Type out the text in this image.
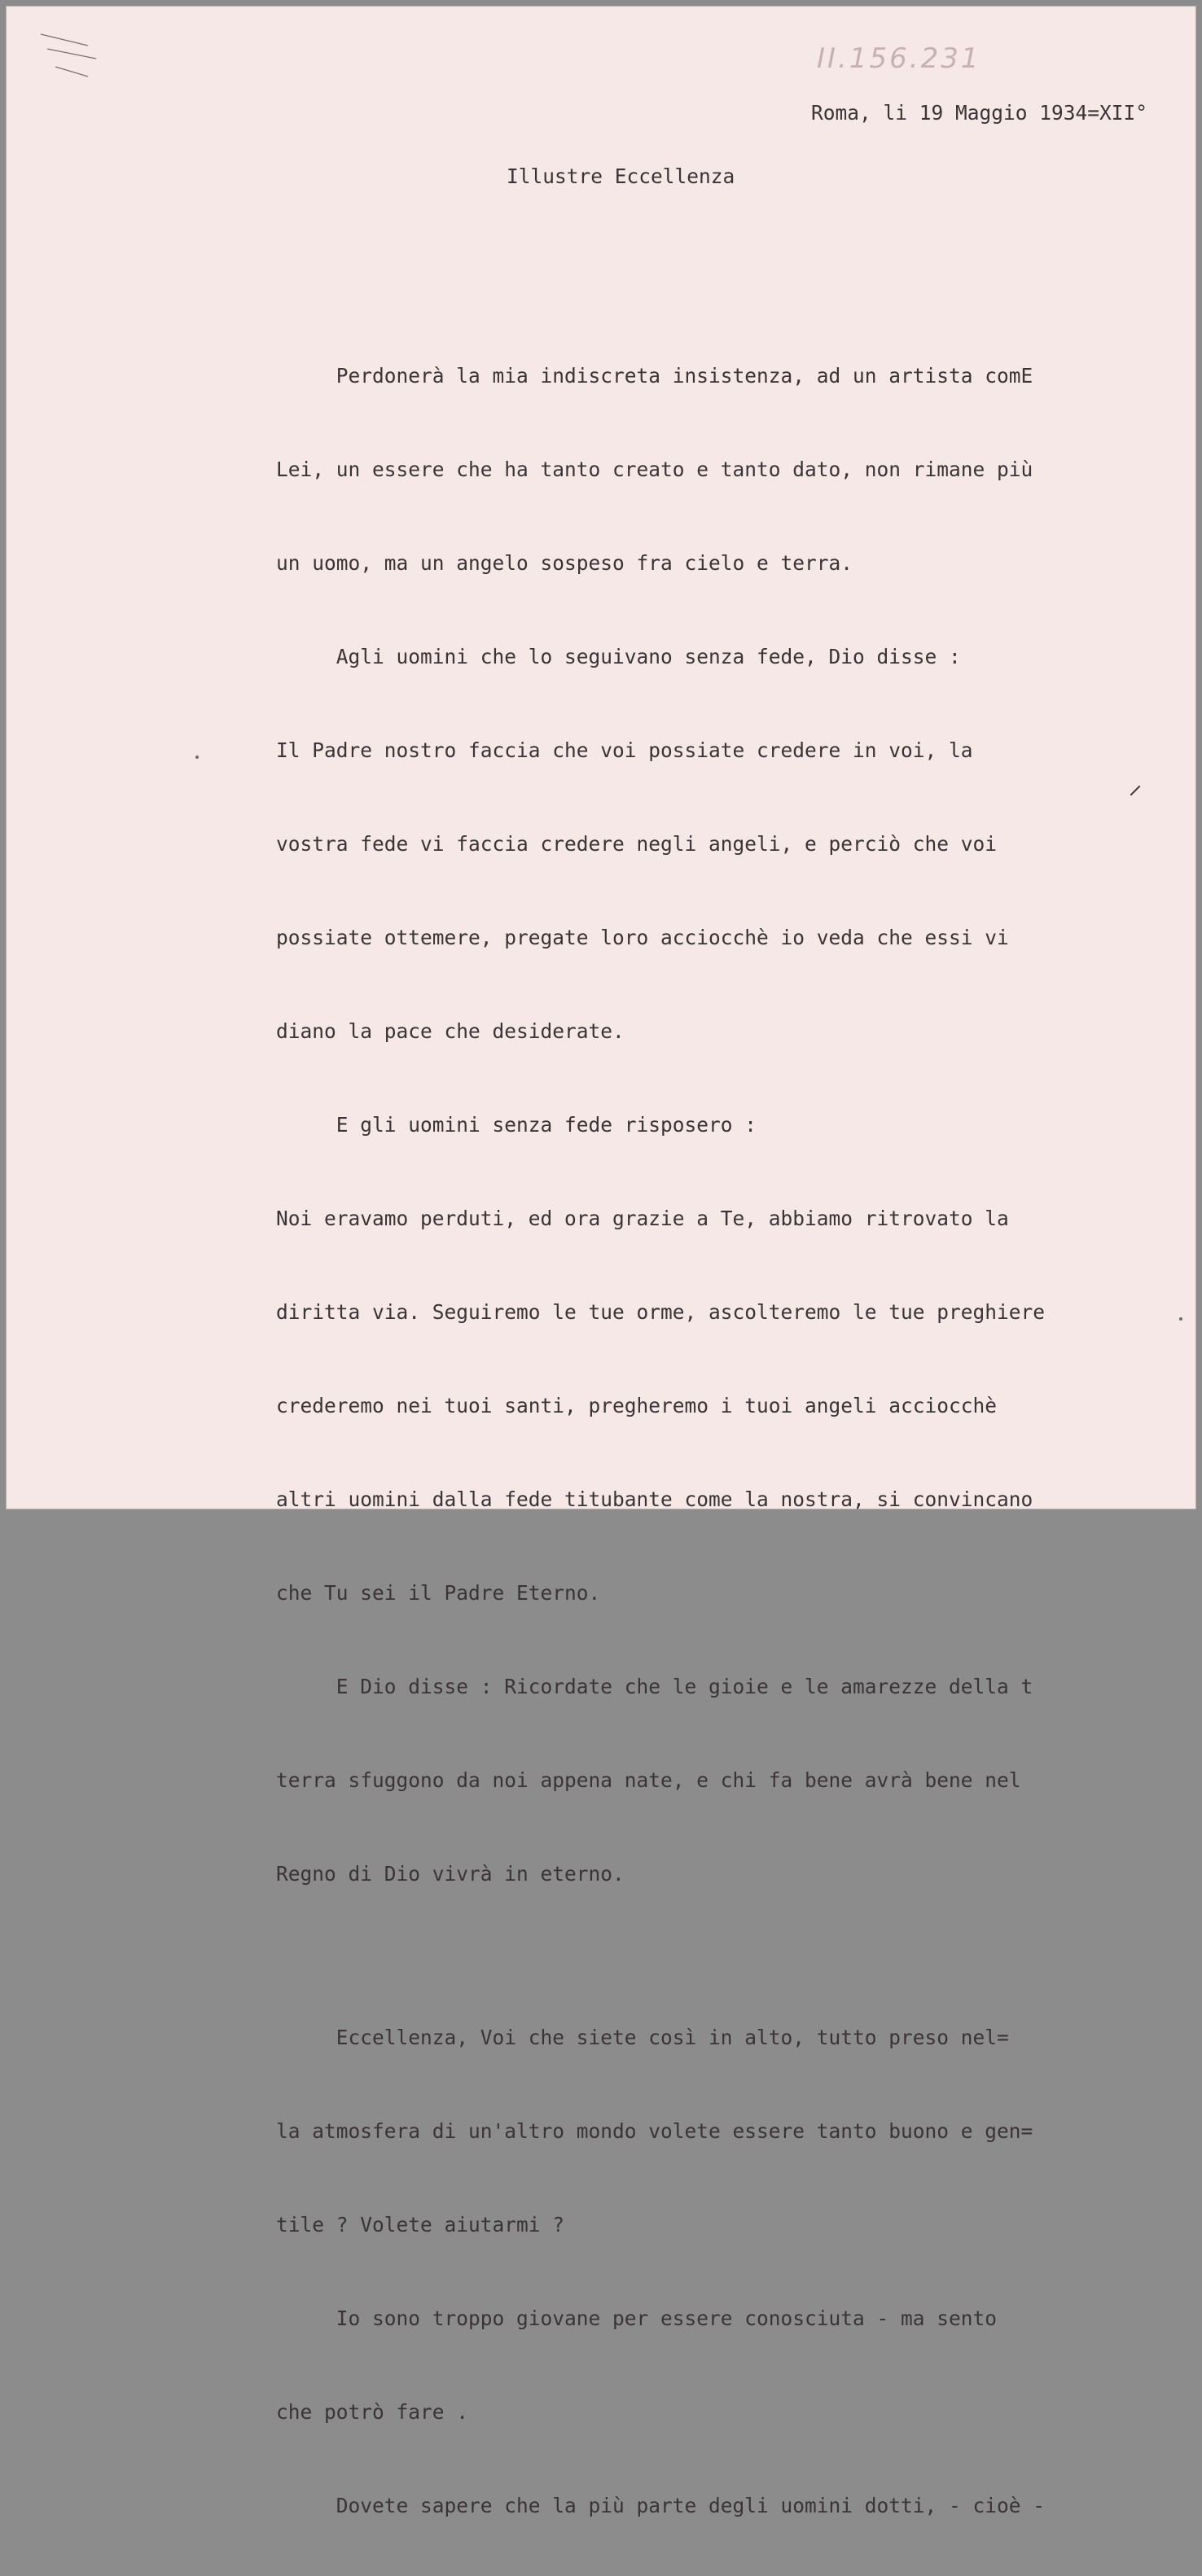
II.156.231
Roma, li 19 Maggio 1934=XII°
Illustre Eccellenza

Perdonerà la mia indiscreta insistenza, ad un artista comE

Lei, un essere che ha tanto creato e tanto dato, non rimane più

un uomo, ma un angelo sospeso fra cielo e terra.

Agli uomini che lo seguivano senza fede, Dio disse :

Il Padre nostro faccia che voi possiate credere in voi, la

vostra fede vi faccia credere negli angeli, e perciò che voi

possiate ottemere, pregate loro acciocchè io veda che essi vi

diano la pace che desiderate.

E gli uomini senza fede risposero :

Noi eravamo perduti, ed ora grazie a Te, abbiamo ritrovato la

diritta via. Seguiremo le tue orme, ascolteremo le tue preghiere

crederemo nei tuoi santi, pregheremo i tuoi angeli acciocchè

altri uomini dalla fede titubante come la nostra, si convincano

che Tu sei il Padre Eterno.

E Dio disse : Ricordate che le gioie e le amarezze della t

terra sfuggono da noi appena nate, e chi fa bene avrà bene nel

Regno di Dio vivrà in eterno.

Eccellenza, Voi che siete così in alto, tutto preso nel=

la atmosfera di un'altro mondo volete essere tanto buono e gen=

tile ? Volete aiutarmi ?

Io sono troppo giovane per essere conosciuta - ma sento

che potrò fare .

Dovete sapere che la più parte degli uomini dotti, - cioè -
